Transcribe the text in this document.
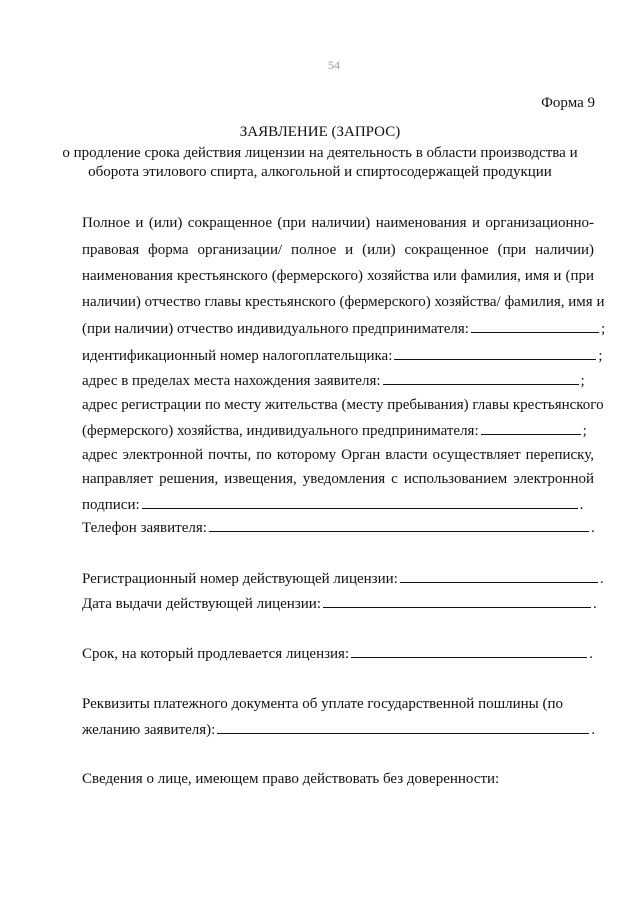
54
Форма 9
ЗАЯВЛЕНИЕ (ЗАПРОС)
о продление срока действия лицензии на деятельность в области производства и
оборота этилового спирта, алкогольной и спиртосодержащей продукции
Полное и (или) сокращенное (при наличии) наименования и организационно-
правовая форма организации/ полное и (или) сокращенное (при наличии)
наименования крестьянского (фермерского) хозяйства или фамилия, имя и (при
наличии) отчество главы крестьянского (фермерского) хозяйства/ фамилия, имя и
(при наличии) отчество индивидуального предпринимателя:	;
идентификационный номер налогоплательщика:	;
адрес в пределах места нахождения заявителя:	;
адрес регистрации по месту жительства (месту пребывания) главы крестьянского
(фермерского) хозяйства, индивидуального предпринимателя:	;
адрес электронной почты, по которому Орган власти осуществляет переписку,
направляет решения, извещения, уведомления с использованием электронной
подписи:	.
Телефон заявителя:	.
Регистрационный номер действующей лицензии:	.
Дата выдачи действующей лицензии:	.
Срок, на который продлевается лицензия:	.
Реквизиты платежного документа об уплате государственной пошлины (по
желанию заявителя):	.
Сведения о лице, имеющем право действовать без доверенности:
